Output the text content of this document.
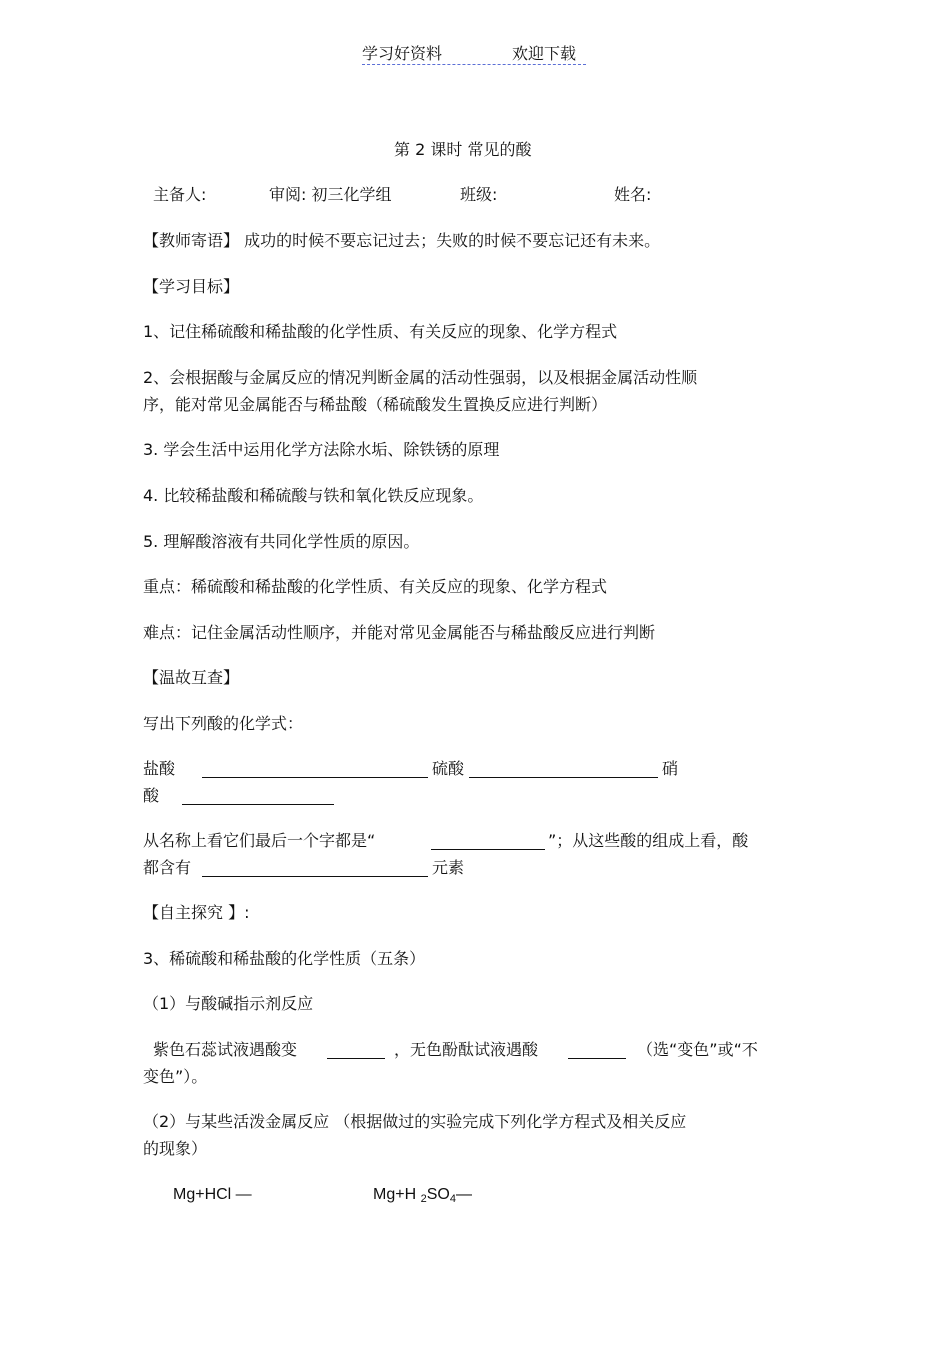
学习好资料	欢迎下载
第 2 课时 常见的酸
主备人:	审阅: 初三化学组	班级:	姓名:
【教师寄语】 成功的时候不要忘记过去；失败的时候不要忘记还有未来。
【学习目标】
1、记住稀硫酸和稀盐酸的化学性质、有关反应的现象、化学方程式
2、会根据酸与金属反应的情况判断金属的活动性强弱，以及根据金属活动性顺
序，能对常见金属能否与稀盐酸（稀硫酸发生置换反应进行判断）
3. 学会生活中运用化学方法除水垢、除铁锈的原理
4. 比较稀盐酸和稀硫酸与铁和氧化铁反应现象。
5. 理解酸溶液有共同化学性质的原因。
重点：稀硫酸和稀盐酸的化学性质、有关反应的现象、化学方程式
难点：记住金属活动性顺序，并能对常见金属能否与稀盐酸反应进行判断
【温故互查】
写出下列酸的化学式：
盐酸	硫酸	硝
酸
从名称上看它们最后一个字都是“	”；从这些酸的组成上看，酸
都含有	元素
【自主探究 】:
3、稀硫酸和稀盐酸的化学性质（五条）
（1）与酸碱指示剂反应
紫色石蕊试液遇酸变	，无色酚酞试液遇酸	（选“变色”或“不
变色”）。
（2）与某些活泼金属反应 （根据做过的实验完成下列化学方程式及相关反应
的现象）
Mg+HCl —	Mg+H 2SO4—
